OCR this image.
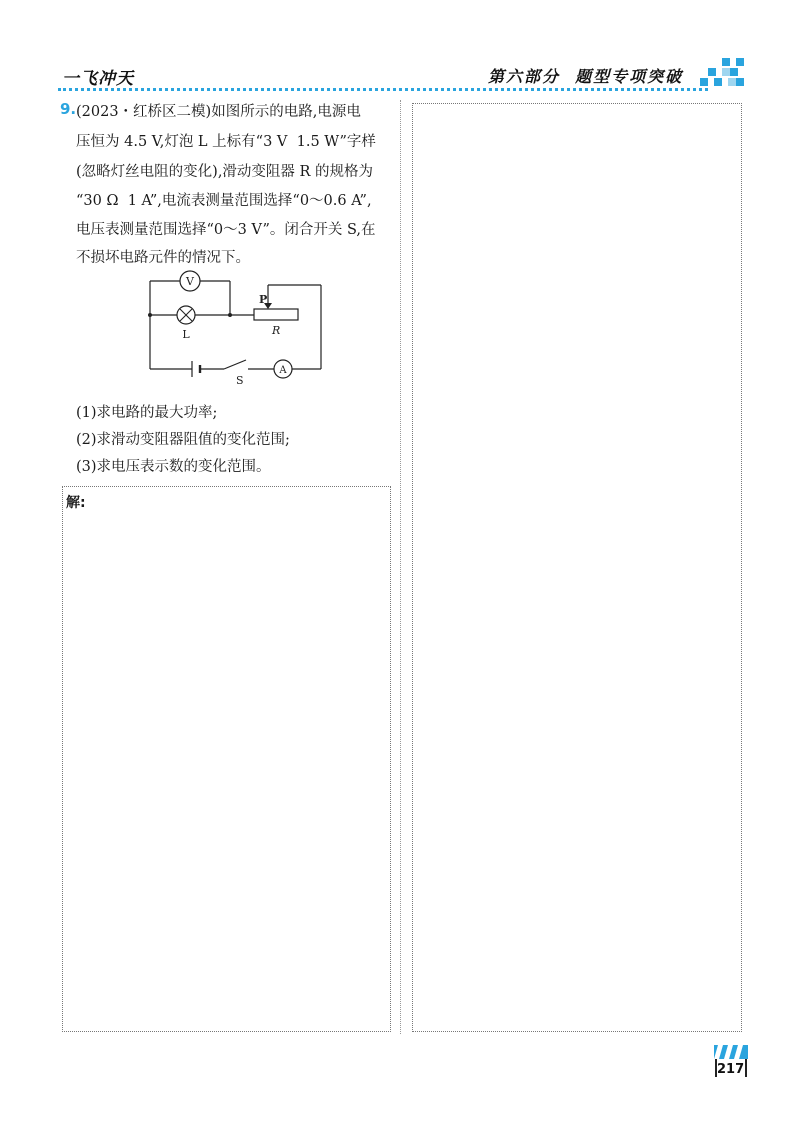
一飞冲天	第六部分  题型专项突破
9. (2023・红桥区二模)如图所示的电路,电源电
压恒为 4.5 V,灯泡 L 上标有“3 V  1.5 W”字样
(忽略灯丝电阻的变化),滑动变阻器 R 的规格为
“30 Ω  1 A”,电流表测量范围选择“0～0.6 A”,
电压表测量范围选择“0～3 V”。闭合开关 S,在
不损坏电路元件的情况下。
V
L
A
P
R
S
(1)求电路的最大功率;
(2)求滑动变阻器阻值的变化范围;
(3)求电压表示数的变化范围。
解:
217
